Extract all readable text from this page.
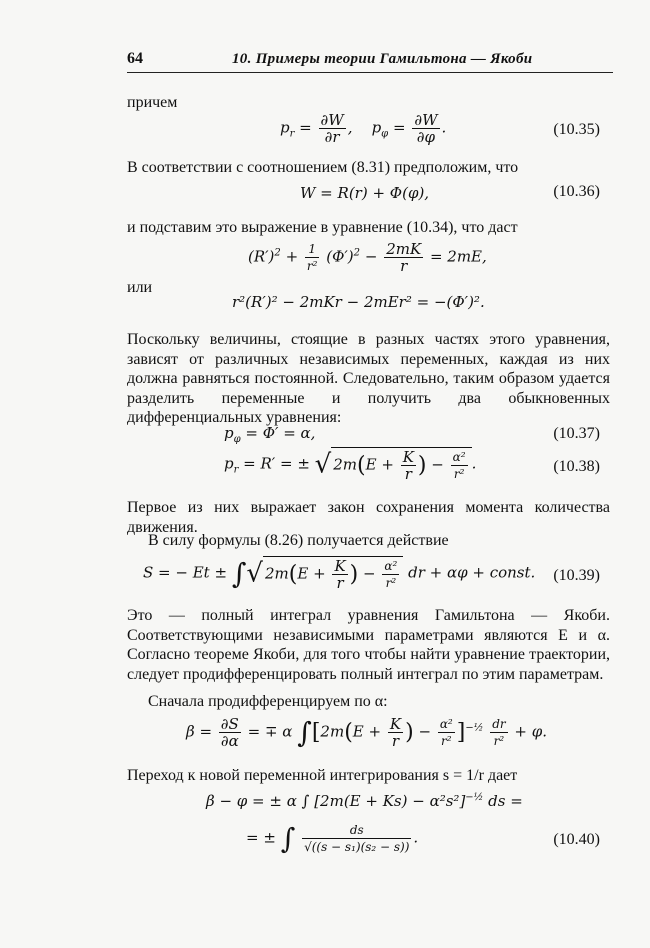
64	10. Примеры теории Гамильтона — Якоби
причем
$p_r = \frac{\partial W}{\partial r}$ ,    $p_\varphi = \frac{\partial W}{\partial\varphi}$ .	(10.35)
В соответствии с соотношением (8.31) предположим, что
W = R(r) + Φ(φ),	(10.36)
и подставим это выражение в уравнение (10.34), что даст
$(R')^2 + \frac{1}{\text{r²}} (\Phi')^2 - \frac{2mK}{r} = 2mE$,
или
r²(R′)² − 2mKr − 2mEr² = −(Φ′)².
Поскольку величины, стоящие в разных частях этого уравнения, зависят от различных независимых переменных, каждая из них должна равняться постоянной. Следовательно, таким образом удается разделить переменные и получить два обыкновенных дифференциальных уравнения:
$p_\varphi = \Phi' = \alpha$,	(10.37)
$p_r = R'$ = ± √ $2m(E + \frac{K}{r}$ ) − $\frac{\text{α²}}{\text{r²}}$ .	(10.38)
Первое из них выражает закон сохранения момента количества движения.
В силу формулы (8.26) получается действие
S = − Et ± ∫√ $2m(E + \frac{K}{r}$ ) − $\frac{\text{α²}}{\text{r²}}$ dr + αφ + const. (10.39)
Это — полный интеграл уравнения Гамильтона — Якоби. Соответствующими независимыми параметрами являются E и α. Согласно теореме Якоби, для того чтобы найти уравнение траектории, следует продифференцировать полный интеграл по этим параметрам.
Сначала продифференцируем по α:
$\beta = \frac{\partial S}{\partial\alpha}$ = ∓ α $\int[2m(E + \frac{K}{r}$ ) − $\frac{\text{α²}}{\text{r²}} ]^{-\frac{1}{2}} \frac{dr}{\text{r²}} + \varphi$.
Переход к новой переменной интегрирования s = 1/r дает
β − φ = ± α ∫ $[2m(E + Ks) - \alpha^2s^2]^{-\frac{1}{2}}$ ds =
= ± ∫ $\frac{ds}{\text{√((s − s₁)(s₂ − s))}}$ .	(10.40)
